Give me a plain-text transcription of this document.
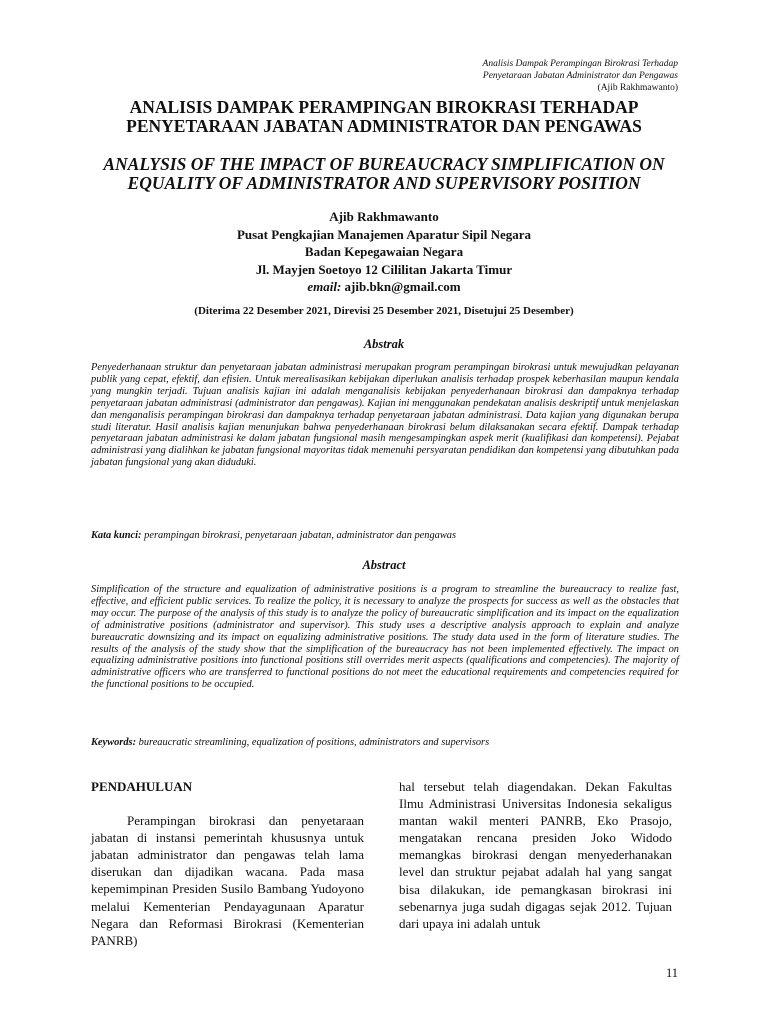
Analisis Dampak Perampingan Birokrasi Terhadap
Penyetaraan Jabatan Administrator dan Pengawas
(Ajib Rakhmawanto)
ANALISIS DAMPAK PERAMPINGAN BIROKRASI TERHADAP
PENYETARAAN JABATAN ADMINISTRATOR DAN PENGAWAS
ANALYSIS OF THE IMPACT OF BUREAUCRACY SIMPLIFICATION ON
EQUALITY OF ADMINISTRATOR AND SUPERVISORY POSITION
Ajib Rakhmawanto
Pusat Pengkajian Manajemen Aparatur Sipil Negara
Badan Kepegawaian Negara
Jl. Mayjen Soetoyo 12 Cililitan Jakarta Timur
email: ajib.bkn@gmail.com
(Diterima 22 Desember 2021, Direvisi 25 Desember 2021, Disetujui 25 Desember)
Abstrak

Penyederhanaan struktur dan penyetaraan jabatan administrasi merupakan program perampingan birokrasi untuk mewujudkan pelayanan publik yang cepat, efektif, dan efisien. Untuk merealisasikan kebijakan diperlukan analisis terhadap prospek keberhasilan maupun kendala yang mungkin terjadi. Tujuan analisis kajian ini adalah menganalisis kebijakan penyederhanaan birokrasi dan dampaknya terhadap penyetaraan jabatan administrasi (administrator dan pengawas). Kajian ini menggunakan pendekatan analisis deskriptif untuk menjelaskan dan menganalisis perampingan birokrasi dan dampaknya terhadap penyetaraan jabatan administrasi. Data kajian yang digunakan berupa studi literatur. Hasil analisis kajian menunjukan bahwa penyederhanaan birokrasi belum dilaksanakan secara efektif. Dampak terhadap penyetaraan jabatan administrasi ke dalam jabatan fungsional masih mengesampingkan aspek merit (kualifikasi dan kompetensi). Pejabat administrasi yang dialihkan ke jabatan fungsional mayoritas tidak memenuhi persyaratan pendidikan dan kompetensi yang dibutuhkan pada jabatan fungsional yang akan diduduki.

Kata kunci: perampingan birokrasi, penyetaraan jabatan, administrator dan pengawas
Abstract

Simplification of the structure and equalization of administrative positions is a program to streamline the bureaucracy to realize fast, effective, and efficient public services. To realize the policy, it is necessary to analyze the prospects for success as well as the obstacles that may occur. The purpose of the analysis of this study is to analyze the policy of bureaucratic simplification and its impact on the equalization of administrative positions (administrator and supervisor). This study uses a descriptive analysis approach to explain and analyze bureaucratic downsizing and its impact on equalizing administrative positions. The study data used in the form of literature studies. The results of the analysis of the study show that the simplification of the bureaucracy has not been implemented effectively. The impact on equalizing administrative positions into functional positions still overrides merit aspects (qualifications and competencies). The majority of administrative officers who are transferred to functional positions do not meet the educational requirements and competencies required for the functional positions to be occupied.

Keywords: bureaucratic streamlining, equalization of positions, administrators and supervisors

PENDAHULUAN

Perampingan birokrasi dan penyetaraan jabatan di instansi pemerintah khususnya untuk jabatan administrator dan pengawas telah lama diserukan dan dijadikan wacana. Pada masa kepemimpinan Presiden Susilo Bambang Yudoyono melalui Kementerian Pendayagunaan Aparatur Negara dan Reformasi Birokrasi (Kementerian PANRB)

hal tersebut telah diagendakan. Dekan Fakultas Ilmu Administrasi Universitas Indonesia sekaligus mantan wakil menteri PANRB, Eko Prasojo, mengatakan rencana presiden Joko Widodo memangkas birokrasi dengan menyederhanakan level dan struktur pejabat adalah hal yang sangat bisa dilakukan, ide pemangkasan birokrasi ini sebenarnya juga sudah digagas sejak 2012. Tujuan dari upaya ini adalah untuk

11
